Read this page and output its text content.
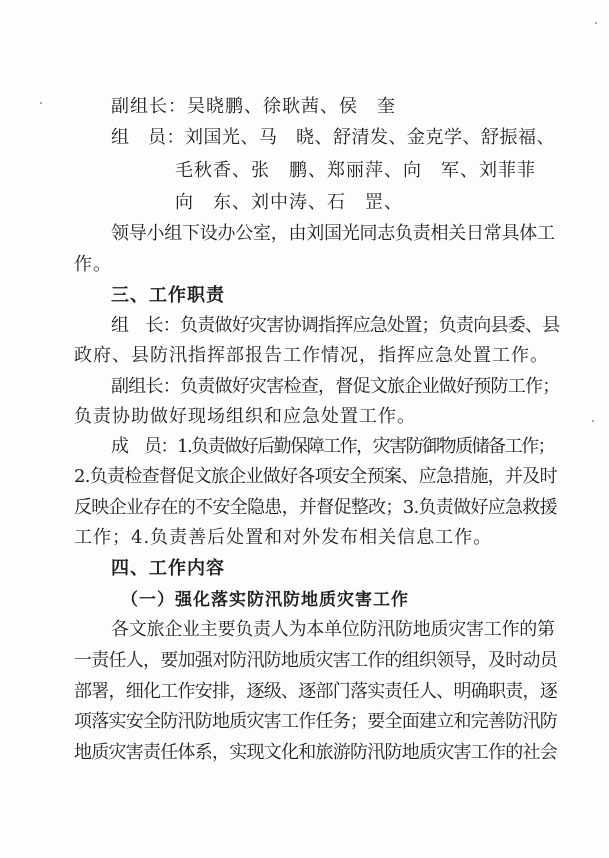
副组长：吴晓鹏、徐耿茜、侯　奎
组　员：刘国光、马　晓、舒清发、金克学、舒振福、
毛秋香、张　鹏、郑丽萍、向　军、刘菲菲
向　东、刘中涛、石　罡、
领导小组下设办公室，由刘国光同志负责相关日常具体工
作。
三、工作职责
组　长：负责做好灾害协调指挥应急处置；负责向县委、县
政府、县防汛指挥部报告工作情况，指挥应急处置工作。
副组长：负责做好灾害检查，督促文旅企业做好预防工作；
负责协助做好现场组织和应急处置工作。
成　员：1.负责做好后勤保障工作，灾害防御物质储备工作；
2.负责检查督促文旅企业做好各项安全预案、应急措施，并及时
反映企业存在的不安全隐患，并督促整改；3.负责做好应急救援
工作；4.负责善后处置和对外发布相关信息工作。
四、工作内容
（一）强化落实防汛防地质灾害工作
各文旅企业主要负责人为本单位防汛防地质灾害工作的第
一责任人，要加强对防汛防地质灾害工作的组织领导，及时动员
部署，细化工作安排，逐级、逐部门落实责任人、明确职责，逐
项落实安全防汛防地质灾害工作任务；要全面建立和完善防汛防
地质灾害责任体系，实现文化和旅游防汛防地质灾害工作的社会
